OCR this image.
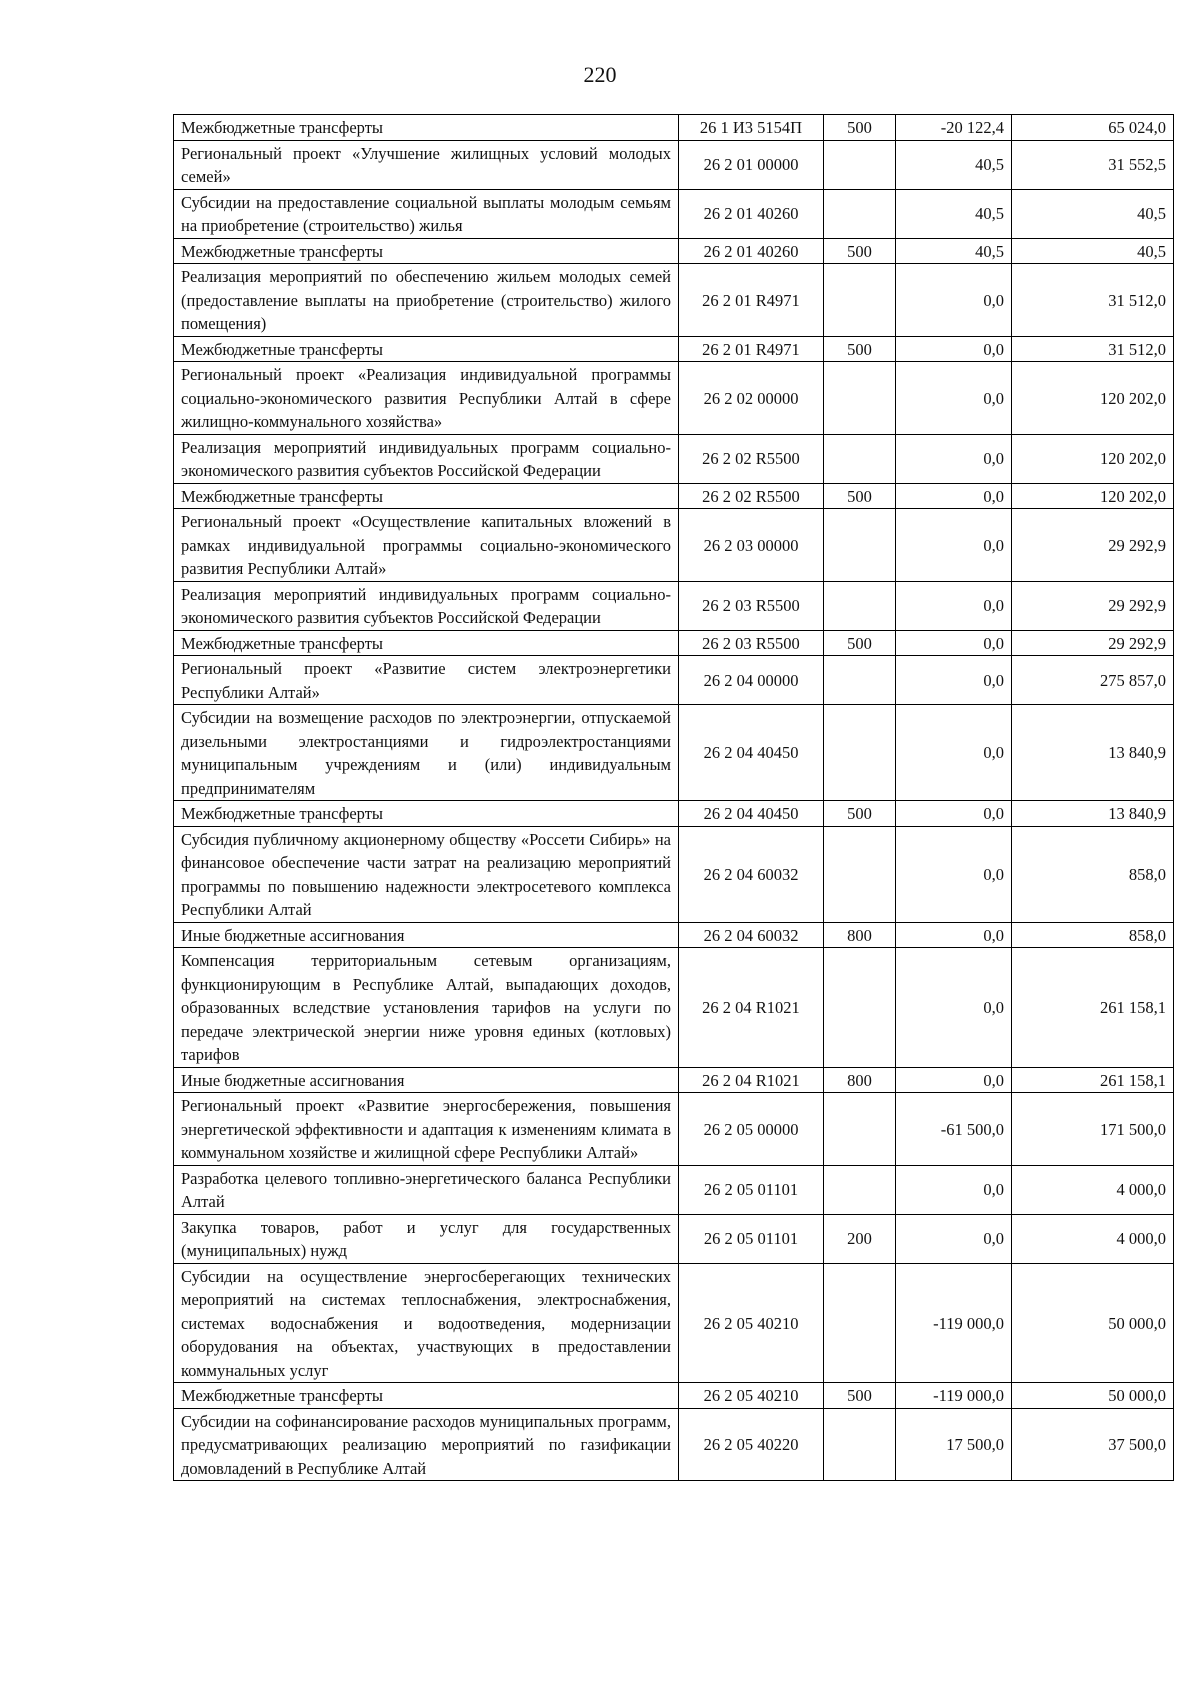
220
Межбюджетные трансферты	26 1 И3 5154П	500	-20 122,4	65 024,0
Региональный проект «Улучшение жилищных условий молодых семей»	26 2 01 00000		40,5	31 552,5
Субсидии на предоставление социальной выплаты молодым семьям на приобретение (строительство) жилья	26 2 01 40260		40,5	40,5
Межбюджетные трансферты	26 2 01 40260	500	40,5	40,5
Реализация мероприятий по обеспечению жильем молодых семей (предоставление выплаты на приобретение (строительство) жилого помещения)	26 2 01 R4971		0,0	31 512,0
Межбюджетные трансферты	26 2 01 R4971	500	0,0	31 512,0
Региональный проект «Реализация индивидуальной программы социально-экономического развития Республики Алтай в сфере жилищно-коммунального хозяйства»	26 2 02 00000		0,0	120 202,0
Реализация мероприятий индивидуальных программ социально-экономического развития субъектов Российской Федерации	26 2 02 R5500		0,0	120 202,0
Межбюджетные трансферты	26 2 02 R5500	500	0,0	120 202,0
Региональный проект «Осуществление капитальных вложений в рамках индивидуальной программы социально-экономического развития Республики Алтай»	26 2 03 00000		0,0	29 292,9
Реализация мероприятий индивидуальных программ социально-экономического развития субъектов Российской Федерации	26 2 03 R5500		0,0	29 292,9
Межбюджетные трансферты	26 2 03 R5500	500	0,0	29 292,9
Региональный проект «Развитие систем электроэнергетики Республики Алтай»	26 2 04 00000		0,0	275 857,0
Субсидии на возмещение расходов по электроэнергии, отпускаемой дизельными электростанциями и гидроэлектростанциями муниципальным учреждениям и (или) индивидуальным предпринимателям	26 2 04 40450		0,0	13 840,9
Межбюджетные трансферты	26 2 04 40450	500	0,0	13 840,9
Субсидия публичному акционерному обществу «Россети Сибирь» на финансовое обеспечение части затрат на реализацию мероприятий программы по повышению надежности электросетевого комплекса Республики Алтай	26 2 04 60032		0,0	858,0
Иные бюджетные ассигнования	26 2 04 60032	800	0,0	858,0
Компенсация территориальным сетевым организациям, функционирующим в Республике Алтай, выпадающих доходов, образованных вследствие установления тарифов на услуги по передаче электрической энергии ниже уровня единых (котловых) тарифов	26 2 04 R1021		0,0	261 158,1
Иные бюджетные ассигнования	26 2 04 R1021	800	0,0	261 158,1
Региональный проект «Развитие энергосбережения, повышения энергетической эффективности и адаптация к изменениям климата в коммунальном хозяйстве и жилищной сфере Республики Алтай»	26 2 05 00000		-61 500,0	171 500,0
Разработка целевого топливно-энергетического баланса Республики Алтай	26 2 05 01101		0,0	4 000,0
Закупка товаров, работ и услуг для государственных (муниципальных) нужд	26 2 05 01101	200	0,0	4 000,0
Субсидии на осуществление энергосберегающих технических мероприятий на системах теплоснабжения, электроснабжения, системах водоснабжения и водоотведения, модернизации оборудования на объектах, участвующих в предоставлении коммунальных услуг	26 2 05 40210		-119 000,0	50 000,0
Межбюджетные трансферты	26 2 05 40210	500	-119 000,0	50 000,0
Субсидии на софинансирование расходов муниципальных программ, предусматривающих реализацию мероприятий по газификации домовладений в Республике Алтай	26 2 05 40220		17 500,0	37 500,0
